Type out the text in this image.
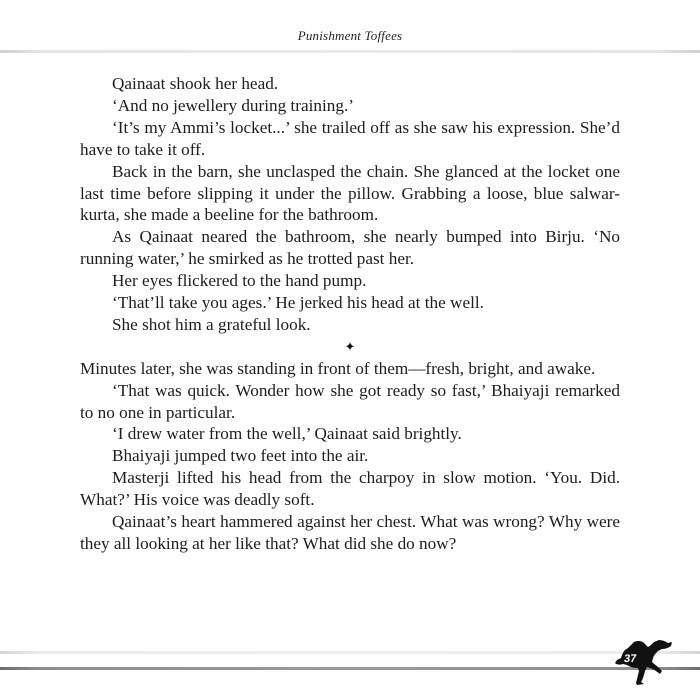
Punishment Toffees

Qainaat shook her head.

‘And no jewellery during training.’

‘It’s my Ammi’s locket...’ she trailed off as she saw his expression. She’d have to take it off.

Back in the barn, she unclasped the chain. She glanced at the locket one last time before slipping it under the pillow. Grabbing a loose, blue salwar-kurta, she made a beeline for the bathroom.

As Qainaat neared the bathroom, she nearly bumped into Birju. ‘No running water,’ he smirked as he trotted past her.

Her eyes flickered to the hand pump.

‘That’ll take you ages.’ He jerked his head at the well.

She shot him a grateful look.

✦

Minutes later, she was standing in front of them—fresh, bright, and awake.

‘That was quick. Wonder how she got ready so fast,’ Bhaiyaji remarked to no one in particular.

‘I drew water from the well,’ Qainaat said brightly.

Bhaiyaji jumped two feet into the air.

Masterji lifted his head from the charpoy in slow motion. ‘You. Did. What?’ His voice was deadly soft.

Qainaat’s heart hammered against her chest. What was wrong? Why were they all looking at her like that? What did she do now?

37
